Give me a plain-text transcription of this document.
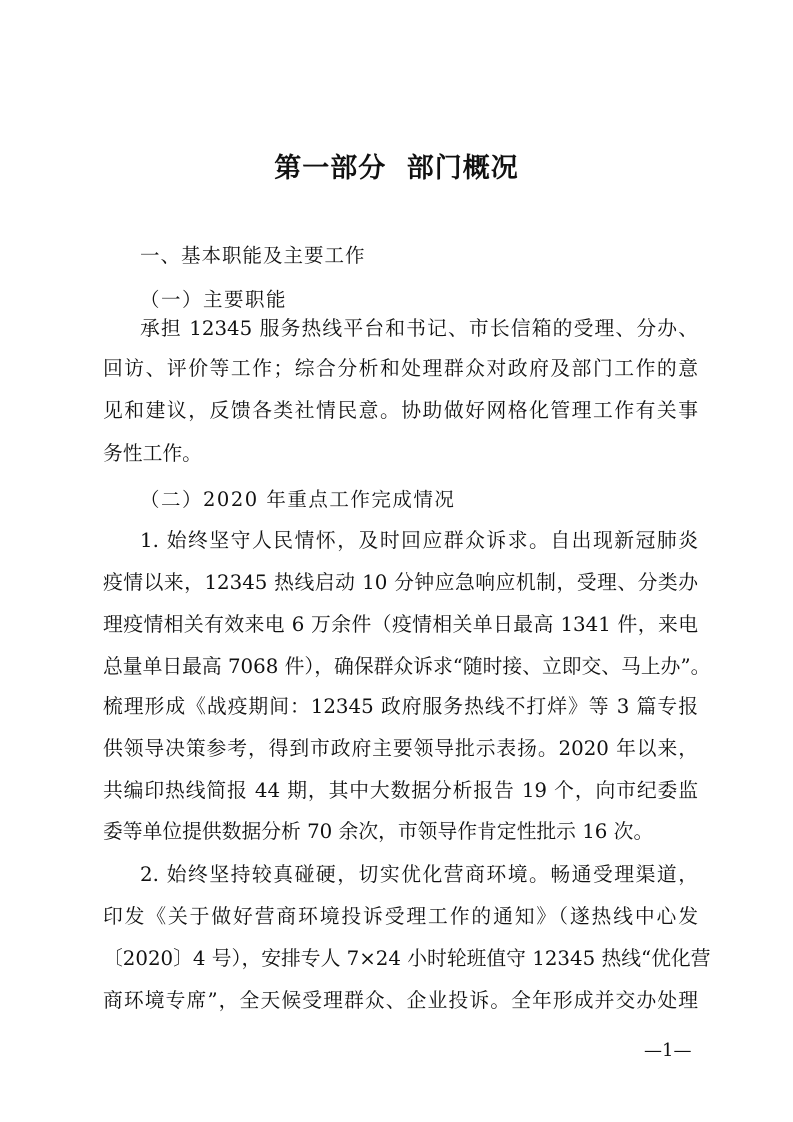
第一部分 部门概况
一、基本职能及主要工作
（一）主要职能
承担 12345 服务热线平台和书记、市长信箱的受理、分办、
回访、评价等工作；综合分析和处理群众对政府及部门工作的意
见和建议，反馈各类社情民意。协助做好网格化管理工作有关事
务性工作。
（二）2020 年重点工作完成情况
1. 始终坚守人民情怀，及时回应群众诉求。自出现新冠肺炎
疫情以来，12345 热线启动 10 分钟应急响应机制，受理、分类办
理疫情相关有效来电 6 万余件（疫情相关单日最高 1341 件，来电
总量单日最高 7068 件），确保群众诉求“随时接、立即交、马上办”。
梳理形成《战疫期间：12345 政府服务热线不打烊》等 3 篇专报
供领导决策参考，得到市政府主要领导批示表扬。2020 年以来，
共编印热线简报 44 期，其中大数据分析报告 19 个，向市纪委监
委等单位提供数据分析 70 余次，市领导作肯定性批示 16 次。
2. 始终坚持较真碰硬，切实优化营商环境。畅通受理渠道，
印发《关于做好营商环境投诉受理工作的通知》（遂热线中心发
〔2020〕4 号），安排专人 7×24 小时轮班值守 12345 热线“优化营
商环境专席”，全天候受理群众、企业投诉。全年形成并交办处理
—1—
